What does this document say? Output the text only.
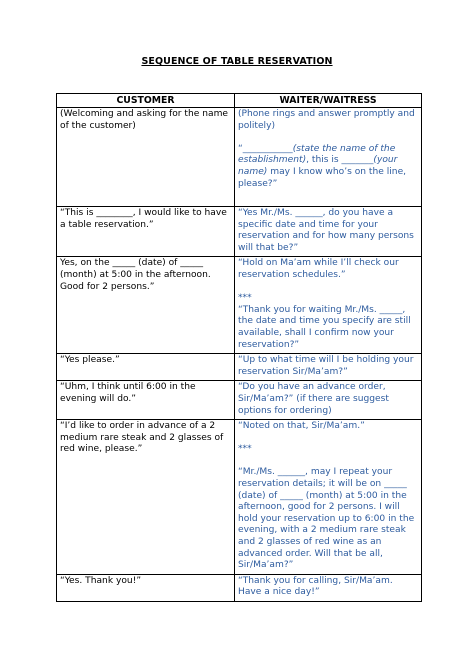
SEQUENCE OF TABLE RESERVATION
CUSTOMER	WAITER/WAITRESS

(Welcoming and asking for the name of the customer)	(Phone rings and answer promptly and politely)
“___________(state the name of the establishment), this is _______(your name) may I know who’s on the line, please?”

“This is ________, I would like to have a table reservation.”	“Yes Mr./Ms. ______, do you have a specific date and time for your reservation and for how many persons will that be?”

Yes, on the _____ (date) of _____ (month) at 5:00 in the afternoon. Good for 2 persons.”	“Hold on Ma’am while I’ll check our reservation schedules.”
***
“Thank you for waiting Mr./Ms. _____, the date and time you specify are still available, shall I confirm now your reservation?”

“Yes please.”	“Up to what time will I be holding your reservation Sir/Ma’am?”

“Uhm, I think until 6:00 in the evening will do.”	“Do you have an advance order, Sir/Ma’am?” (if there are suggest options for ordering)

“I’d like to order in advance of a 2 medium rare steak and 2 glasses of red wine, please.”	“Noted on that, Sir/Ma’am.”
***
“Mr./Ms. ______, may I repeat your reservation details; it will be on _____ (date) of _____ (month) at 5:00 in the afternoon, good for 2 persons. I will hold your reservation up to 6:00 in the evening, with a 2 medium rare steak and 2 glasses of red wine as an advanced order. Will that be all, Sir/Ma’am?”

“Yes. Thank you!”	“Thank you for calling, Sir/Ma’am. Have a nice day!”
